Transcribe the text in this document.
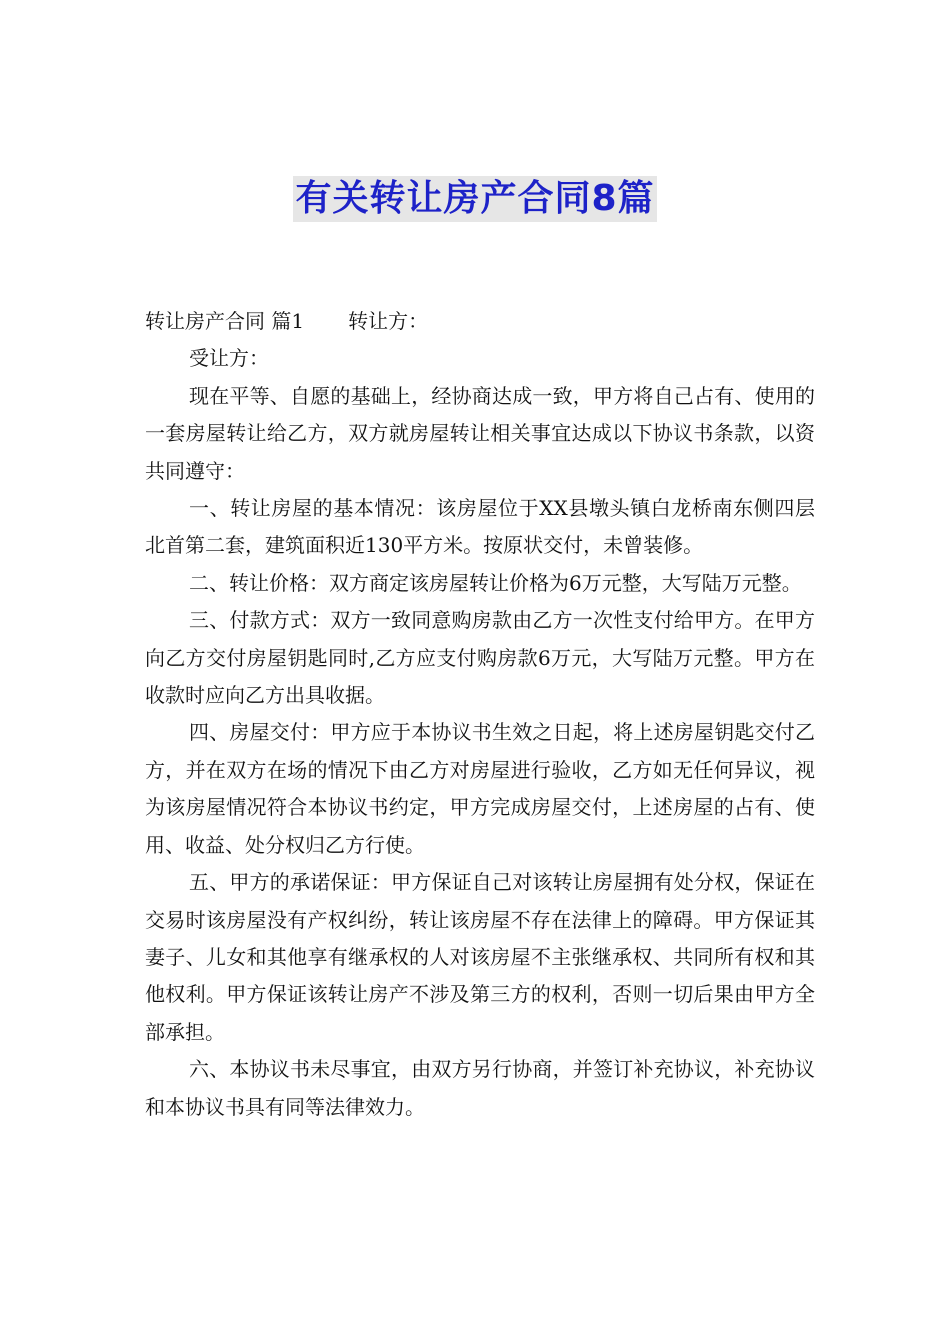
有关转让房产合同8篇

转让房产合同 篇1 转让方：

受让方：

现在平等、自愿的基础上，经协商达成一致，甲方将自己占有、使用的一套房屋转让给乙方，双方就房屋转让相关事宜达成以下协议书条款，以资共同遵守：

一、转让房屋的基本情况：该房屋位于XX县墩头镇白龙桥南东侧四层北首第二套，建筑面积近130平方米。按原状交付，未曾装修。

二、转让价格：双方商定该房屋转让价格为6万元整，大写陆万元整。

三、付款方式：双方一致同意购房款由乙方一次性支付给甲方。在甲方向乙方交付房屋钥匙同时,乙方应支付购房款6万元，大写陆万元整。甲方在收款时应向乙方出具收据。

四、房屋交付：甲方应于本协议书生效之日起，将上述房屋钥匙交付乙方，并在双方在场的情况下由乙方对房屋进行验收，乙方如无任何异议，视为该房屋情况符合本协议书约定，甲方完成房屋交付，上述房屋的占有、使用、收益、处分权归乙方行使。

五、甲方的承诺保证：甲方保证自己对该转让房屋拥有处分权，保证在交易时该房屋没有产权纠纷，转让该房屋不存在法律上的障碍。甲方保证其妻子、儿女和其他享有继承权的人对该房屋不主张继承权、共同所有权和其他权利。甲方保证该转让房产不涉及第三方的权利，否则一切后果由甲方全部承担。

六、本协议书未尽事宜，由双方另行协商，并签订补充协议，补充协议和本协议书具有同等法律效力。
